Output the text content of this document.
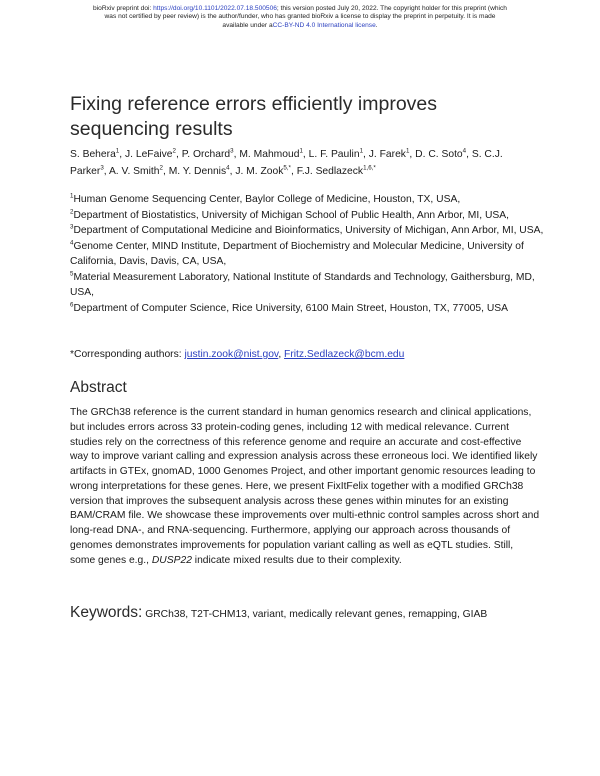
bioRxiv preprint doi: https://doi.org/10.1101/2022.07.18.500506; this version posted July 20, 2022. The copyright holder for this preprint (which
was not certified by peer review) is the author/funder, who has granted bioRxiv a license to display the preprint in perpetuity. It is made
available under aCC-BY-ND 4.0 International license.
Fixing reference errors efficiently improves sequencing results
S. Behera$^1$, J. LeFaive$^2$, P. Orchard$^3$, M. Mahmoud$^1$, L. F. Paulin$^1$, J. Farek$^1$, D. C. Soto$^4$, S. C.J. Parker$^3$, A. V. Smith$^2$, M. Y. Dennis$^4$, J. M. Zook$^{5,*}$, F.J. Sedlazeck$^{1,6,*}$

$^1$Human Genome Sequencing Center, Baylor College of Medicine, Houston, TX, USA,

$^2$Department of Biostatistics, University of Michigan School of Public Health, Ann Arbor, MI, USA,

$^3$Department of Computational Medicine and Bioinformatics, University of Michigan, Ann Arbor, MI, USA,

$^4$Genome Center, MIND Institute, Department of Biochemistry and Molecular Medicine, University of California, Davis, Davis, CA, USA,

$^5$Material Measurement Laboratory, National Institute of Standards and Technology, Gaithersburg, MD, USA,

$^6$Department of Computer Science, Rice University, 6100 Main Street, Houston, TX, 77005, USA

*Corresponding authors: justin.zook@nist.gov, Fritz.Sedlazeck@bcm.edu
Abstract

The GRCh38 reference is the current standard in human genomics research and clinical applications, but includes errors across 33 protein-coding genes, including 12 with medical relevance. Current studies rely on the correctness of this reference genome and require an accurate and cost-effective way to improve variant calling and expression analysis across these erroneous loci. We identified likely artifacts in GTEx, gnomAD, 1000 Genomes Project, and other important genomic resources leading to wrong interpretations for these genes. Here, we present FixItFelix together with a modified GRCh38 version that improves the subsequent analysis across these genes within minutes for an existing BAM/CRAM file. We showcase these improvements over multi-ethnic control samples across short and long-read DNA-, and RNA-sequencing. Furthermore, applying our approach across thousands of genomes demonstrates improvements for population variant calling as well as eQTL studies. Still, some genes e.g., DUSP22 indicate mixed results due to their complexity.

Keywords: GRCh38, T2T-CHM13, variant, medically relevant genes, remapping, GIAB
